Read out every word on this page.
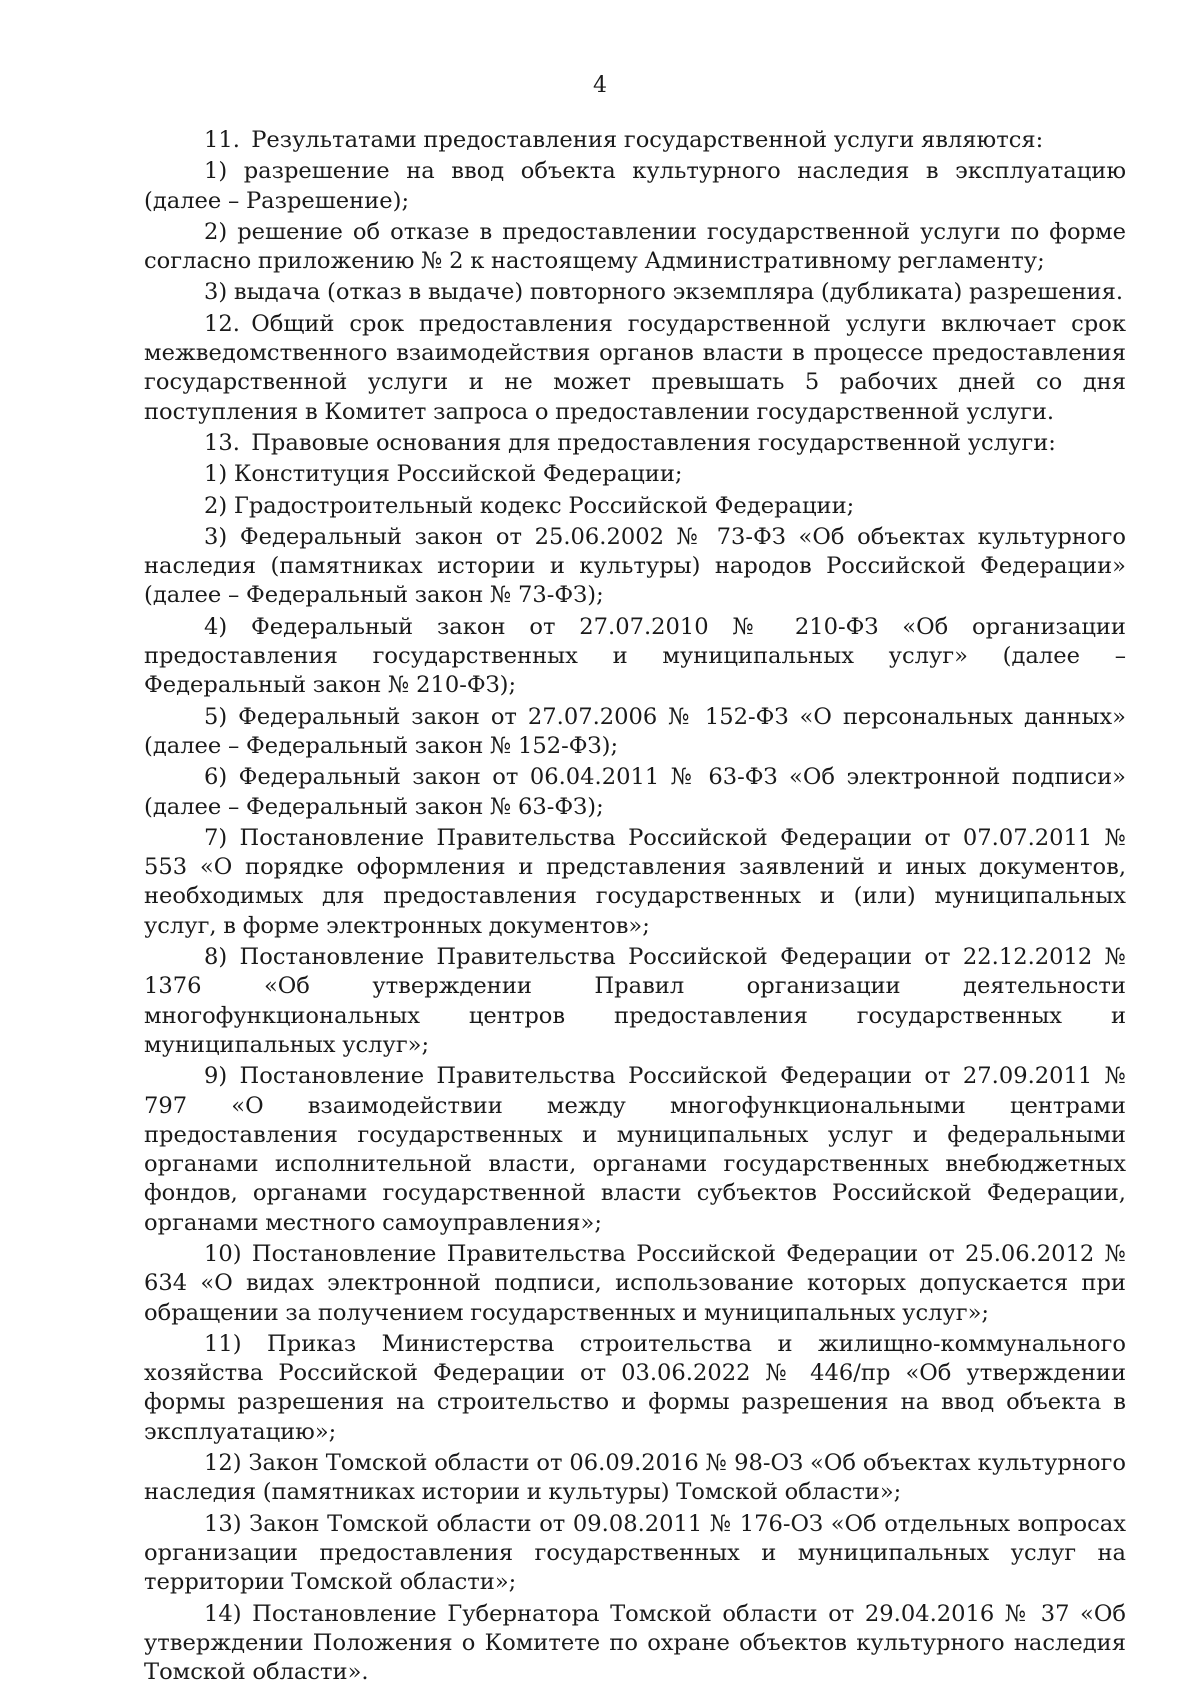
4

11. Результатами предоставления государственной услуги являются:

1) разрешение на ввод объекта культурного наследия в эксплуатацию (далее – Разрешение);

2) решение об отказе в предоставлении государственной услуги по форме согласно приложению № 2 к настоящему Административному регламенту;

3) выдача (отказ в выдаче) повторного экземпляра (дубликата) разрешения.

12. Общий срок предоставления государственной услуги включает срок межведомственного взаимодействия органов власти в процессе предоставления государственной услуги и не может превышать 5 рабочих дней со дня поступления в Комитет запроса о предоставлении государственной услуги.

13. Правовые основания для предоставления государственной услуги:

1) Конституция Российской Федерации;

2) Градостроительный кодекс Российской Федерации;

3) Федеральный закон от 25.06.2002 № 73-ФЗ «Об объектах культурного наследия (памятниках истории и культуры) народов Российской Федерации» (далее – Федеральный закон № 73-ФЗ);

4) Федеральный закон от 27.07.2010 № 210-ФЗ «Об организации предоставления государственных и муниципальных услуг» (далее – Федеральный закон № 210-ФЗ);

5) Федеральный закон от 27.07.2006 № 152-ФЗ «О персональных данных» (далее – Федеральный закон № 152-ФЗ);

6) Федеральный закон от 06.04.2011 № 63-ФЗ «Об электронной подписи» (далее – Федеральный закон № 63-ФЗ);

7) Постановление Правительства Российской Федерации от 07.07.2011 № 553 «О порядке оформления и представления заявлений и иных документов, необходимых для предоставления государственных и (или) муниципальных услуг, в форме электронных документов»;

8) Постановление Правительства Российской Федерации от 22.12.2012 № 1376 «Об утверждении Правил организации деятельности многофункциональных центров предоставления государственных и муниципальных услуг»;

9) Постановление Правительства Российской Федерации от 27.09.2011 № 797 «О взаимодействии между многофункциональными центрами предоставления государственных и муниципальных услуг и федеральными органами исполнительной власти, органами государственных внебюджетных фондов, органами государственной власти субъектов Российской Федерации, органами местного самоуправления»;

10) Постановление Правительства Российской Федерации от 25.06.2012 № 634 «О видах электронной подписи, использование которых допускается при обращении за получением государственных и муниципальных услуг»;

11) Приказ Министерства строительства и жилищно-коммунального хозяйства Российской Федерации от 03.06.2022 № 446/пр «Об утверждении формы разрешения на строительство и формы разрешения на ввод объекта в эксплуатацию»;

12) Закон Томской области от 06.09.2016 № 98-ОЗ «Об объектах культурного наследия (памятниках истории и культуры) Томской области»;

13) Закон Томской области от 09.08.2011 № 176-ОЗ «Об отдельных вопросах организации предоставления государственных и муниципальных услуг на территории Томской области»;

14) Постановление Губернатора Томской области от 29.04.2016 № 37 «Об утверждении Положения о Комитете по охране объектов культурного наследия Томской области».
